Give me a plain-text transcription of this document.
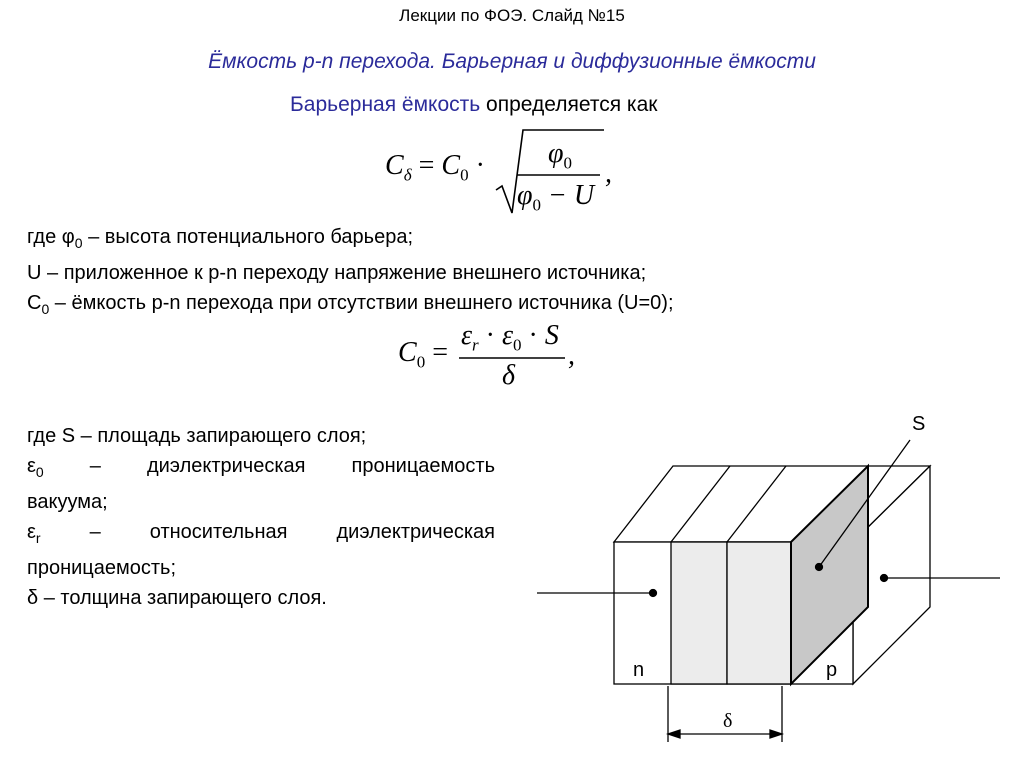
Лекции по ФОЭ. Слайд №15
Ёмкость p-n перехода. Барьерная и диффузионные ёмкости
Барьерная ёмкость определяется как
$C_\delta = C_0 \cdot \varphi_0$
$\varphi_0 - U$
,
где $\varphi_0$ – высота потенциального барьера;
U – приложенное к p-n переходу напряжение внешнего источника;
$C_0$ – ёмкость p-n перехода при отсутствии внешнего источника (U=0);
$C_0$ =
$\varepsilon_r \cdot \varepsilon_0 \cdot S$
δ
,
где S – площадь запирающего слоя;
$\varepsilon_0$ – диэлектрическая проницаемость
вакуума;
$\varepsilon_r$ – относительная диэлектрическая
проницаемость;
δ – толщина запирающего слоя.
S
n	p
δ
